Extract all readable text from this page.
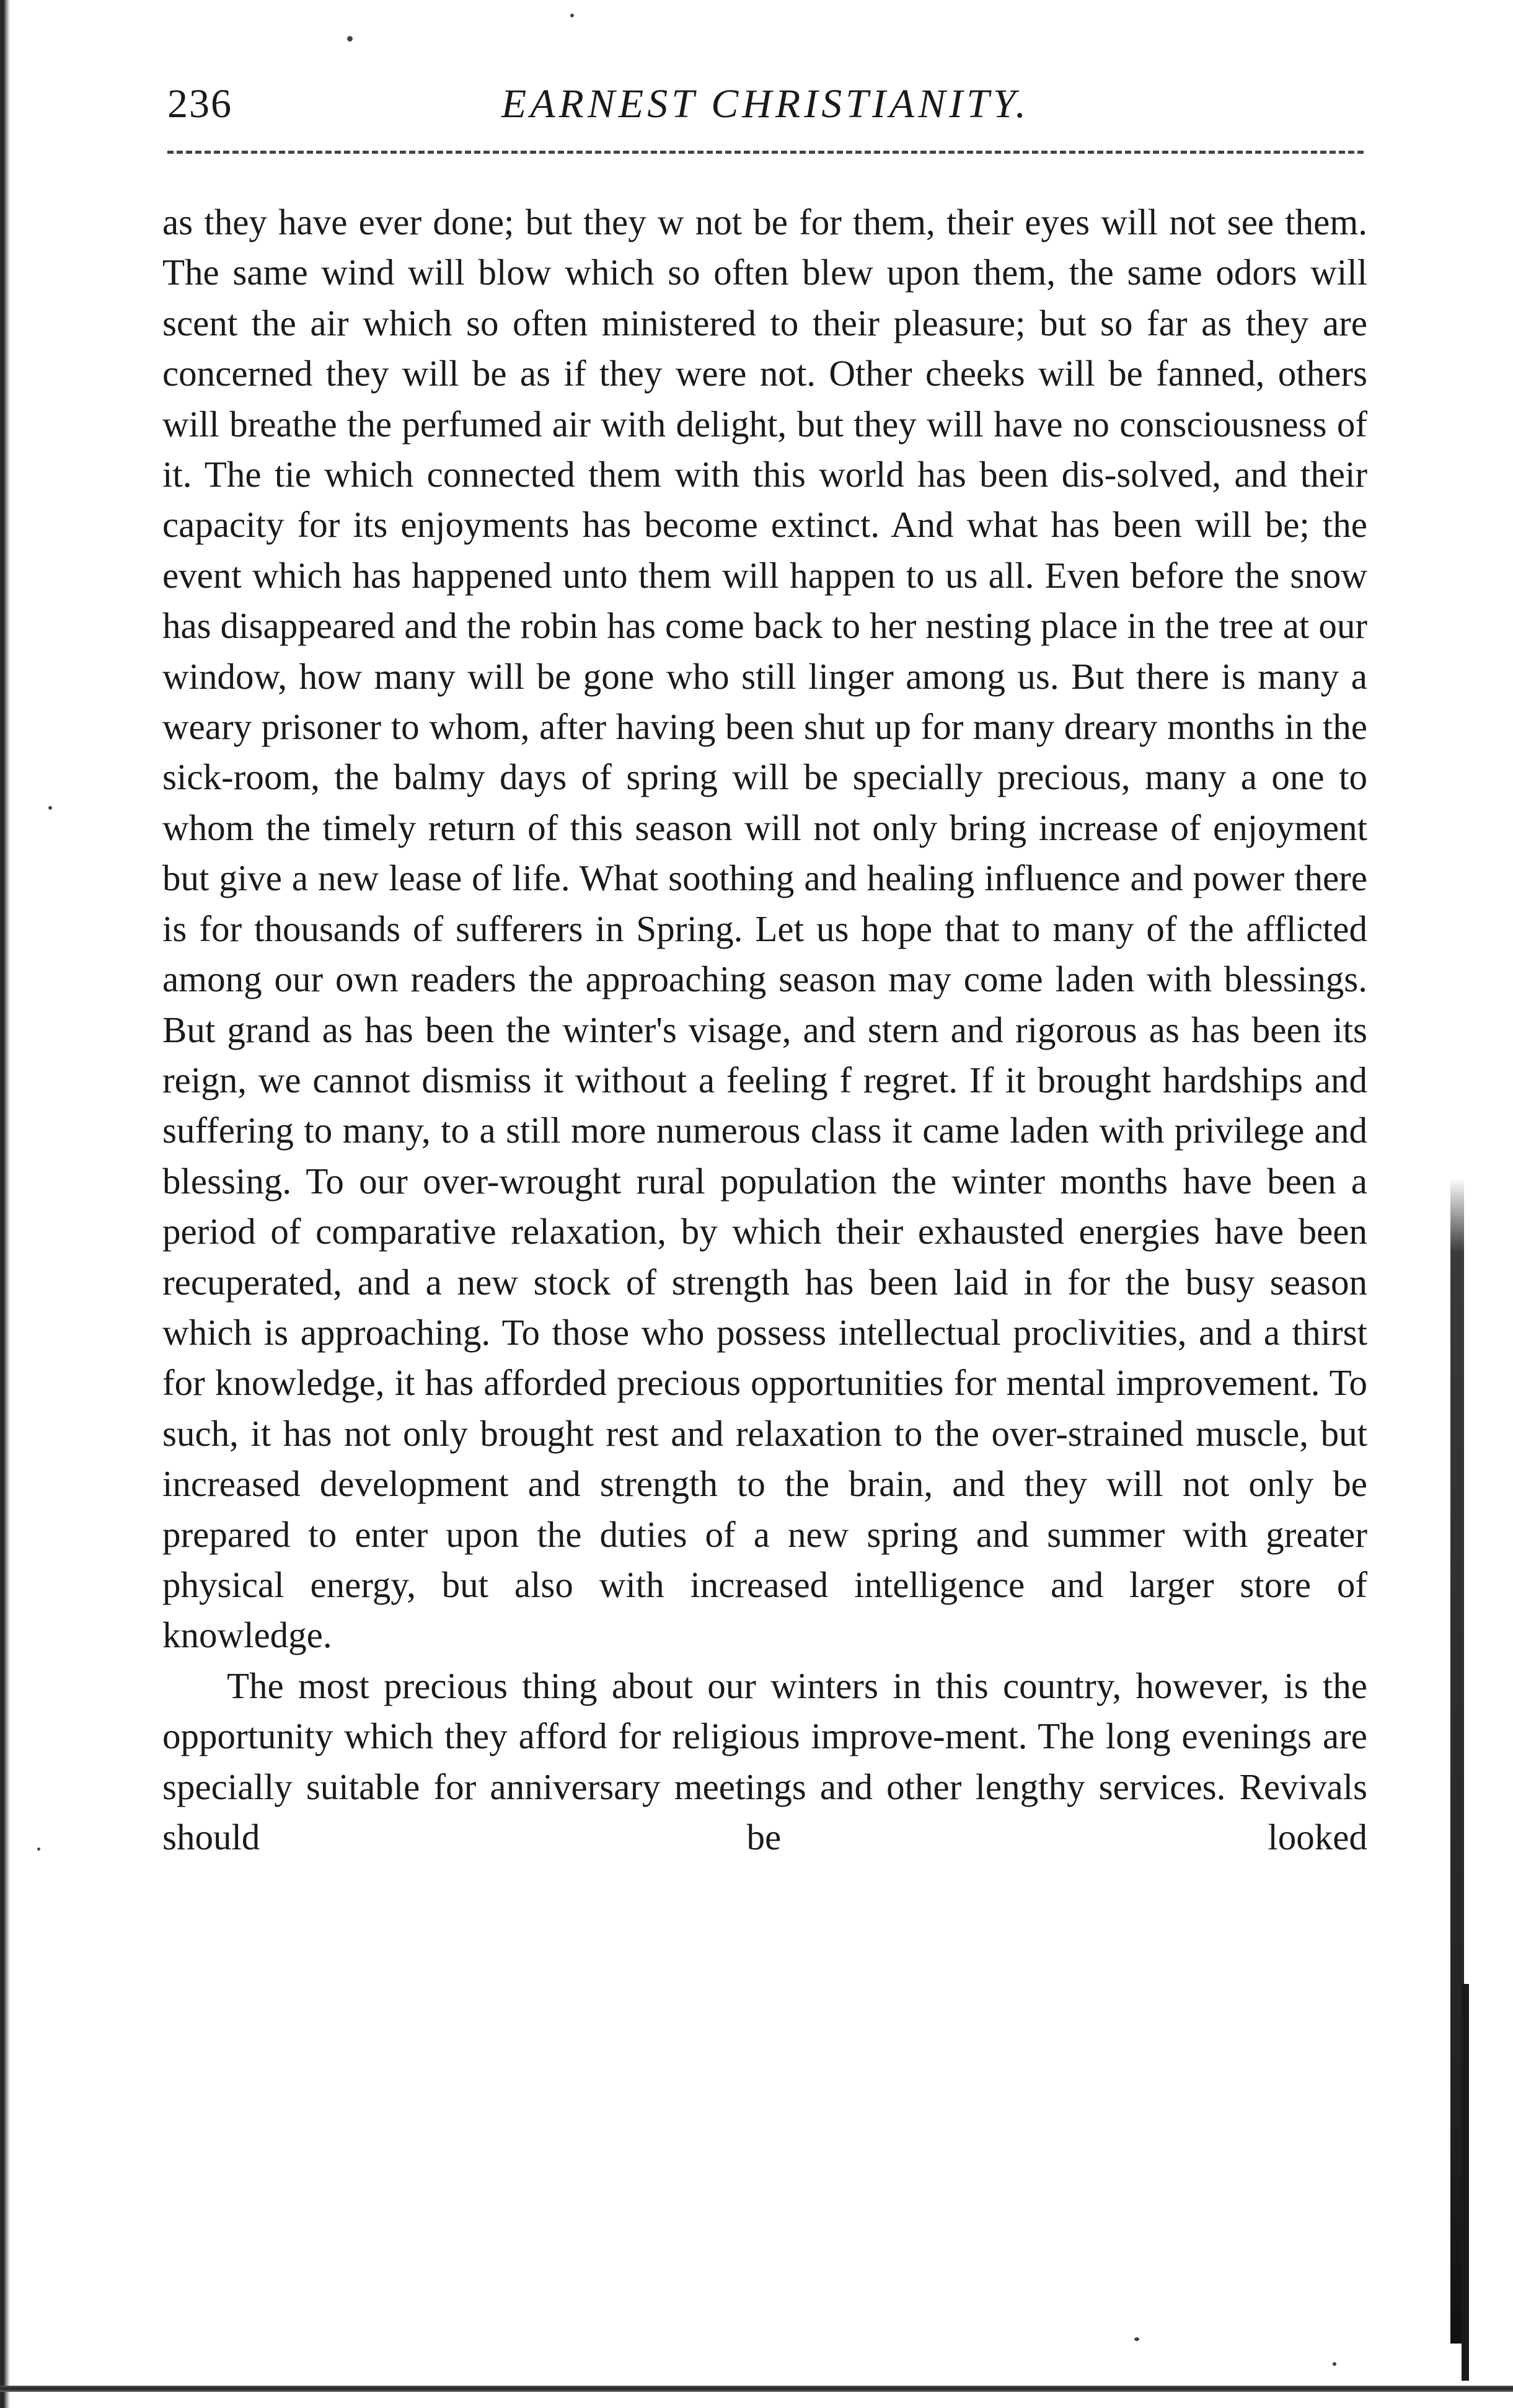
236	EARNEST CHRISTIANITY.

as they have ever done; but they w not be for them, their eyes will not see them. The same wind will blow which so often blew upon them, the same odors will scent the air which so often ministered to their pleasure; but so far as they are concerned they will be as if they were not. Other cheeks will be fanned, others will breathe the perfumed air with delight, but they will have no consciousness of it. The tie which connected them with this world has been dis-solved, and their capacity for its enjoyments has become extinct. And what has been will be; the event which has happened unto them will happen to us all. Even before the snow has disappeared and the robin has come back to her nesting place in the tree at our window, how many will be gone who still linger among us. But there is many a weary prisoner to whom, after having been shut up for many dreary months in the sick-room, the balmy days of spring will be specially precious, many a one to whom the timely return of this season will not only bring increase of enjoyment but give a new lease of life. What soothing and healing influence and power there is for thousands of sufferers in Spring. Let us hope that to many of the afflicted among our own readers the approaching season may come laden with blessings. But grand as has been the winter's visage, and stern and rigorous as has been its reign, we cannot dismiss it without a feeling f regret. If it brought hardships and suffering to many, to a still more numerous class it came laden with privilege and blessing. To our over-wrought rural population the winter months have been a period of comparative relaxation, by which their exhausted energies have been recuperated, and a new stock of strength has been laid in for the busy season which is approaching. To those who possess intellectual proclivities, and a thirst for knowledge, it has afforded precious opportunities for mental improvement. To such, it has not only brought rest and relaxation to the over-strained muscle, but increased development and strength to the brain, and they will not only be prepared to enter upon the duties of a new spring and summer with greater physical energy, but also with increased intelligence and larger store of knowledge.

The most precious thing about our winters in this country, however, is the opportunity which they afford for religious improve-ment. The long evenings are specially suitable for anniversary meetings and other lengthy services. Revivals should be looked
